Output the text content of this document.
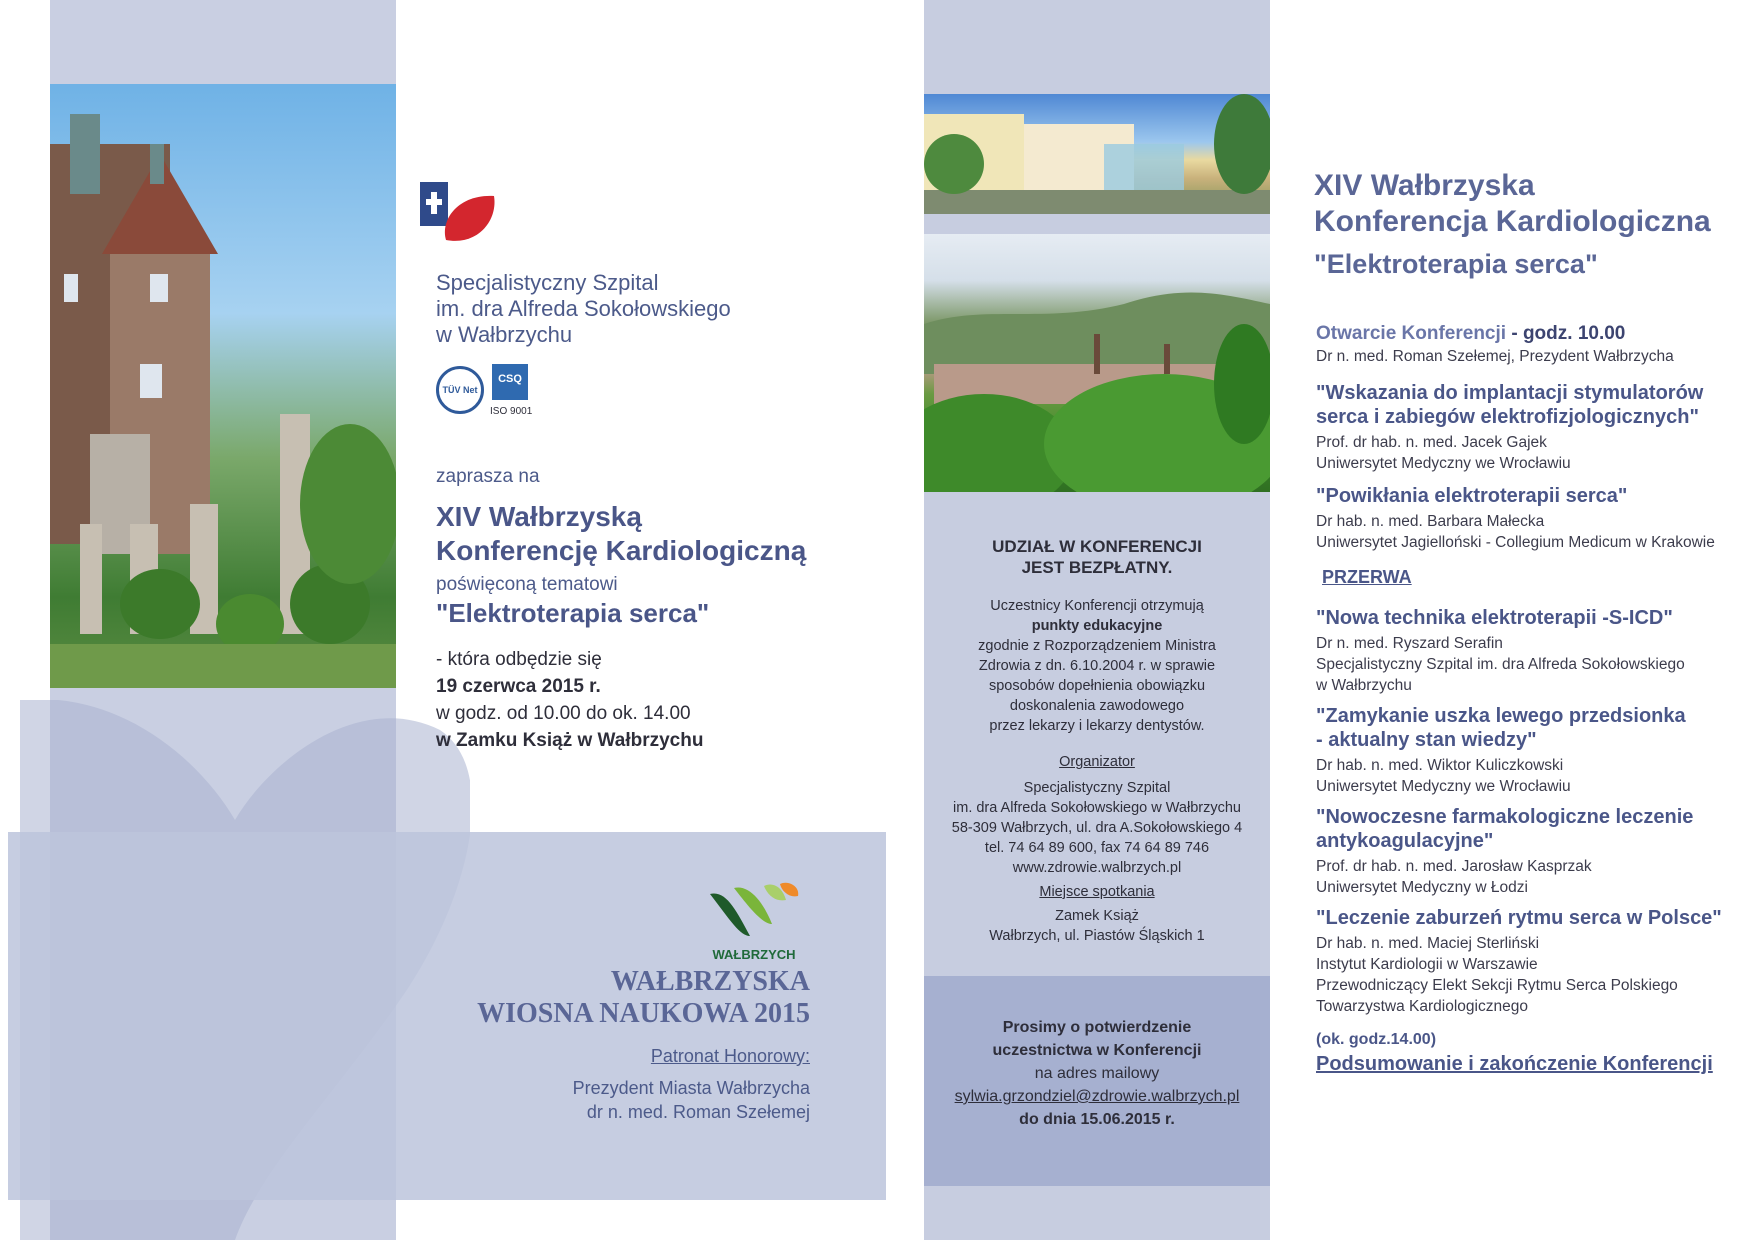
Specjalistyczny Szpital
im. dra Alfreda Sokołowskiego
w Wałbrzychu
TÜV Net
CSQ
ISO 9001
zaprasza na
XIV Wałbrzyską
Konferencję Kardiologiczną
poświęconą tematowi
"Elektroterapia serca"
- która odbędzie się
19 czerwca 2015 r.
w godz. od 10.00 do ok. 14.00
w Zamku Książ w Wałbrzychu
WAŁBRZYCH
WAŁBRZYSKA
WIOSNA NAUKOWA 2015
Patronat Honorowy:
Prezydent Miasta Wałbrzycha
dr n. med. Roman Szełemej
UDZIAŁ W KONFERENCJI
JEST BEZPŁATNY.
Uczestnicy Konferencji otrzymują
punkty edukacyjne
zgodnie z Rozporządzeniem Ministra
Zdrowia z dn. 6.10.2004 r. w sprawie
sposobów dopełnienia obowiązku
doskonalenia zawodowego
przez lekarzy i lekarzy dentystów.
Organizator
Specjalistyczny Szpital
im. dra Alfreda Sokołowskiego w Wałbrzychu
58-309 Wałbrzych, ul. dra A.Sokołowskiego 4
tel. 74 64 89 600, fax 74 64 89 746
www.zdrowie.walbrzych.pl
Miejsce spotkania
Zamek Książ
Wałbrzych, ul. Piastów Śląskich 1
Prosimy o potwierdzenie
uczestnictwa w Konferencji
na adres mailowy
sylwia.grzondziel@zdrowie.walbrzych.pl
do dnia 15.06.2015 r.
XIV Wałbrzyska
Konferencja Kardiologiczna
"Elektroterapia serca"
Otwarcie Konferencji - godz. 10.00
Dr n. med. Roman Szełemej, Prezydent Wałbrzycha
"Wskazania do implantacji stymulatorów
serca i zabiegów elektrofizjologicznych"
Prof. dr hab. n. med. Jacek Gajek
Uniwersytet Medyczny we Wrocławiu
"Powikłania elektroterapii serca"
Dr hab. n. med. Barbara Małecka
Uniwersytet Jagielloński - Collegium Medicum w Krakowie
PRZERWA
"Nowa technika elektroterapii -S-ICD"
Dr n. med. Ryszard Serafin
Specjalistyczny Szpital im. dra Alfreda Sokołowskiego
w Wałbrzychu
"Zamykanie uszka lewego przedsionka
- aktualny stan wiedzy"
Dr hab. n. med. Wiktor Kuliczkowski
Uniwersytet Medyczny we Wrocławiu
"Nowoczesne farmakologiczne leczenie
antykoagulacyjne"
Prof. dr hab. n. med. Jarosław Kasprzak
Uniwersytet Medyczny w Łodzi
"Leczenie zaburzeń rytmu serca w Polsce"
Dr hab. n. med. Maciej Sterliński
Instytut Kardiologii w Warszawie
Przewodniczący Elekt Sekcji Rytmu Serca Polskiego
Towarzystwa Kardiologicznego
(ok. godz.14.00)
Podsumowanie i zakończenie Konferencji
